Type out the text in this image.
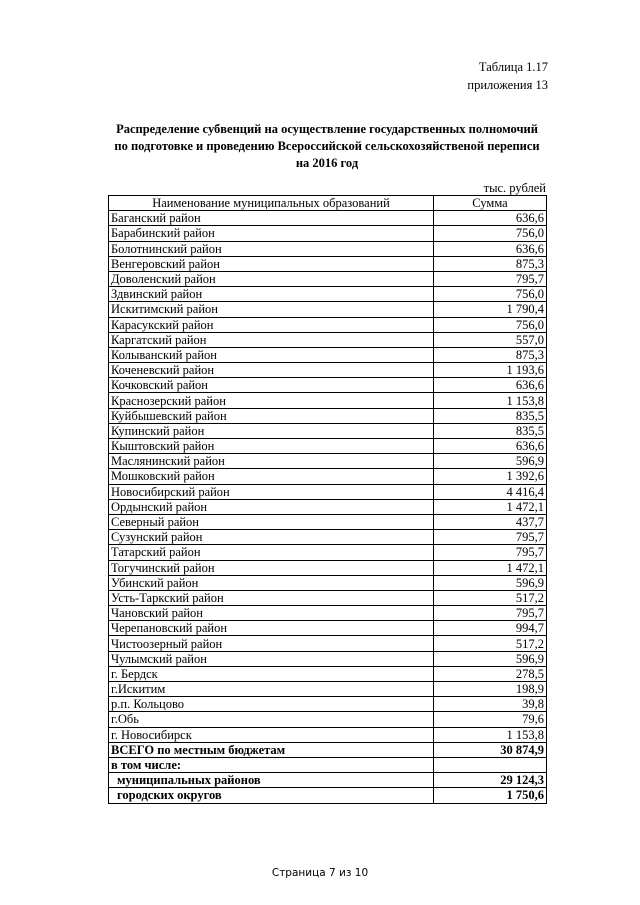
Таблица 1.17
приложения 13
Распределение субвенций на осуществление государственных полномочий по подготовке и проведению Всероссийской сельскохозяйственой переписи на 2016 год
тыс. рублей
Наименование муниципальных образований	Сумма
Баганский район	636,6
Барабинский район	756,0
Болотнинский район	636,6
Венгеровский район	875,3
Доволенский район	795,7
Здвинский район	756,0
Искитимский район	1 790,4
Карасукский район	756,0
Каргатский район	557,0
Колыванский район	875,3
Коченевский район	1 193,6
Кочковский район	636,6
Краснозерский район	1 153,8
Куйбышевский район	835,5
Купинский район	835,5
Кыштовский район	636,6
Маслянинский район	596,9
Мошковский район	1 392,6
Новосибирский район	4 416,4
Ордынский район	1 472,1
Северный район	437,7
Сузунский район	795,7
Татарский район	795,7
Тогучинский район	1 472,1
Убинский район	596,9
Усть-Таркский район	517,2
Чановский район	795,7
Черепановский район	994,7
Чистоозерный район	517,2
Чулымский район	596,9
г. Бердск	278,5
г.Искитим	198,9
р.п. Кольцово	39,8
г.Обь	79,6
г. Новосибирск	1 153,8
ВСЕГО по местным бюджетам	30 874,9
в том числе:	
муниципальных районов	29 124,3
городских округов	1 750,6
Страница 7 из 10
